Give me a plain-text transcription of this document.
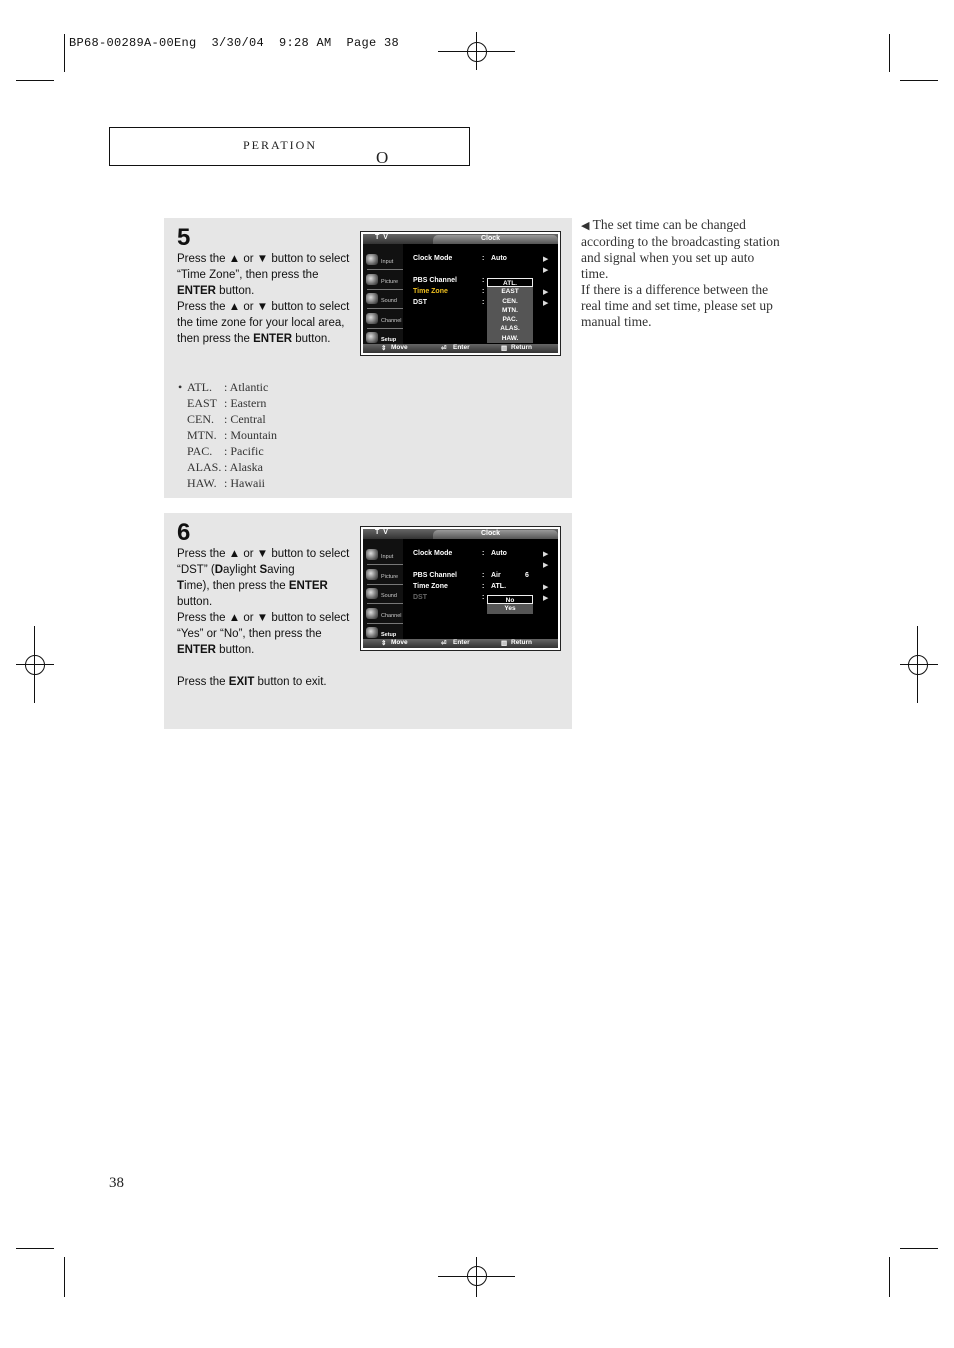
BP68-00289A-00Eng  3/30/04  9:28 AM  Page 38
O
PERATION
5
Press the ▲ or ▼ button to select “Time Zone”, then press the ENTER button.
Press the ▲ or ▼ button to select the time zone for your local area, then press the ENTER button.
•	ATL.	: Atlantic
	EAST	: Eastern
	CEN.	: Central
	MTN.	: Mountain
	PAC.	: Pacific
	ALAS.	: Alaska
	HAW.	: Hawaii
T V	Clock
Input
Picture
Sound
Channel
Setup
Clock Mode	: Auto	▶
▶
PBS Channel	:
Time Zone	:	▶
DST	:	▶
ATL.
EAST
CEN.
MTN.
PAC.
ALAS.
HAW.
⇕ Move	⏎ Enter	▥ Return
6
Press the ▲ or ▼ button to select “DST” (Daylight Saving
Time), then press the ENTER button.
Press the ▲ or ▼ button to select “Yes” or “No”, then press the ENTER button.

Press the EXIT button to exit.
T V	Clock
Input
Picture
Sound
Channel
Setup
Clock Mode	: Auto	▶
▶
PBS Channel	: Air	6
Time Zone	: ATL.	▶
DST	:	▶
No
Yes
⇕ Move	⏎ Enter	▥ Return
◀ The set time can be changed according to the broadcasting station and signal when you set up auto time.
If there is a difference between the real time and set time, please set up manual time.
38
